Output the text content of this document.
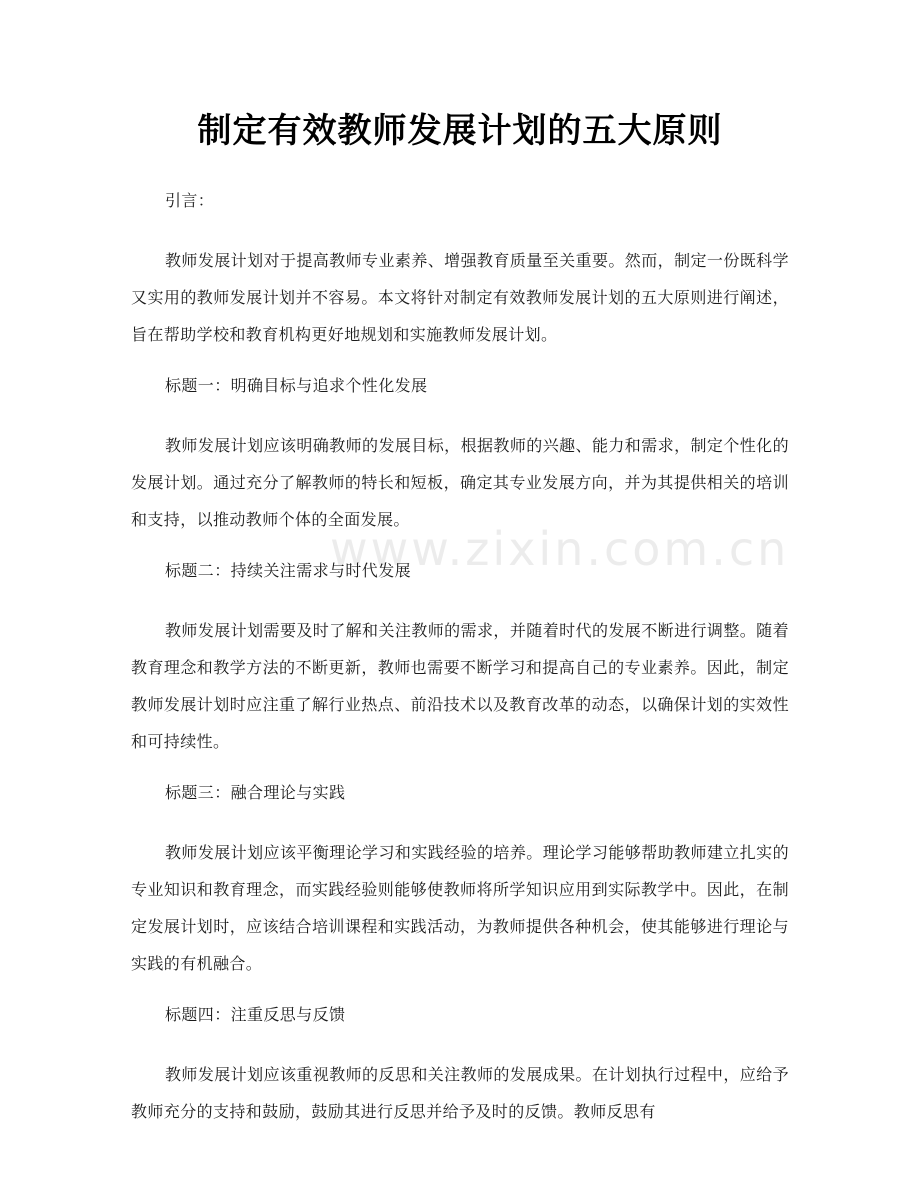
www.zixin.com.cn
制定有效教师发展计划的五大原则

引言：

教师发展计划对于提高教师专业素养、增强教育质量至关重要。然而，制定一份既科学又实用的教师发展计划并不容易。本文将针对制定有效教师发展计划的五大原则进行阐述，旨在帮助学校和教育机构更好地规划和实施教师发展计划。

标题一：明确目标与追求个性化发展

教师发展计划应该明确教师的发展目标，根据教师的兴趣、能力和需求，制定个性化的发展计划。通过充分了解教师的特长和短板，确定其专业发展方向，并为其提供相关的培训和支持，以推动教师个体的全面发展。

标题二：持续关注需求与时代发展

教师发展计划需要及时了解和关注教师的需求，并随着时代的发展不断进行调整。随着教育理念和教学方法的不断更新，教师也需要不断学习和提高自己的专业素养。因此，制定教师发展计划时应注重了解行业热点、前沿技术以及教育改革的动态，以确保计划的实效性和可持续性。

标题三：融合理论与实践

教师发展计划应该平衡理论学习和实践经验的培养。理论学习能够帮助教师建立扎实的专业知识和教育理念，而实践经验则能够使教师将所学知识应用到实际教学中。因此，在制定发展计划时，应该结合培训课程和实践活动，为教师提供各种机会，使其能够进行理论与实践的有机融合。

标题四：注重反思与反馈

教师发展计划应该重视教师的反思和关注教师的发展成果。在计划执行过程中，应给予教师充分的支持和鼓励，鼓励其进行反思并给予及时的反馈。教师反思有
